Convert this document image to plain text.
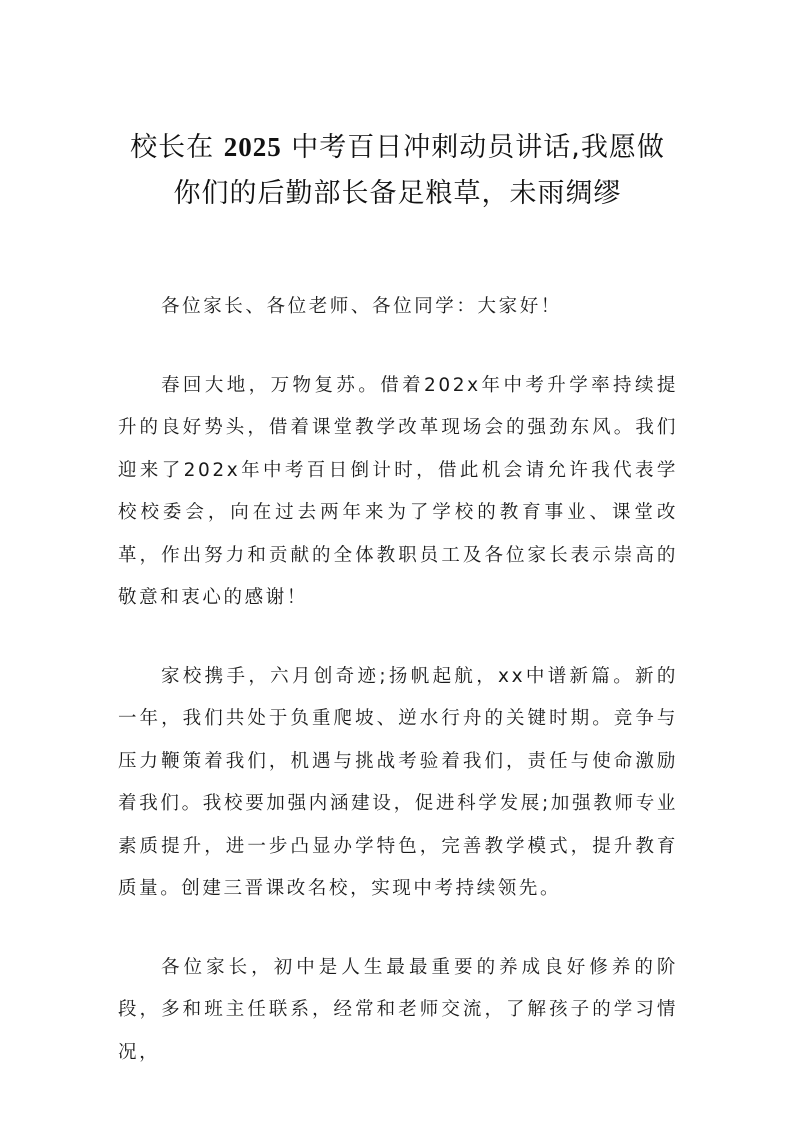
校长在 2025 中考百日冲刺动员讲话,我愿做
你们的后勤部长备足粮草，未雨绸缪

各位家长、各位老师、各位同学：大家好！

春回大地，万物复苏。借着202x年中考升学率持续提升的良好势头，借着课堂教学改革现场会的强劲东风。我们迎来了202x年中考百日倒计时，借此机会请允许我代表学校校委会，向在过去两年来为了学校的教育事业、课堂改革，作出努力和贡献的全体教职员工及各位家长表示崇高的敬意和衷心的感谢！

家校携手，六月创奇迹;扬帆起航，xx中谱新篇。新的一年，我们共处于负重爬坡、逆水行舟的关键时期。竞争与压力鞭策着我们，机遇与挑战考验着我们，责任与使命激励着我们。我校要加强内涵建设，促进科学发展;加强教师专业素质提升，进一步凸显办学特色，完善教学模式，提升教育质量。创建三晋课改名校，实现中考持续领先。

各位家长，初中是人生最最重要的养成良好修养的阶段，多和班主任联系，经常和老师交流，了解孩子的学习情况，
